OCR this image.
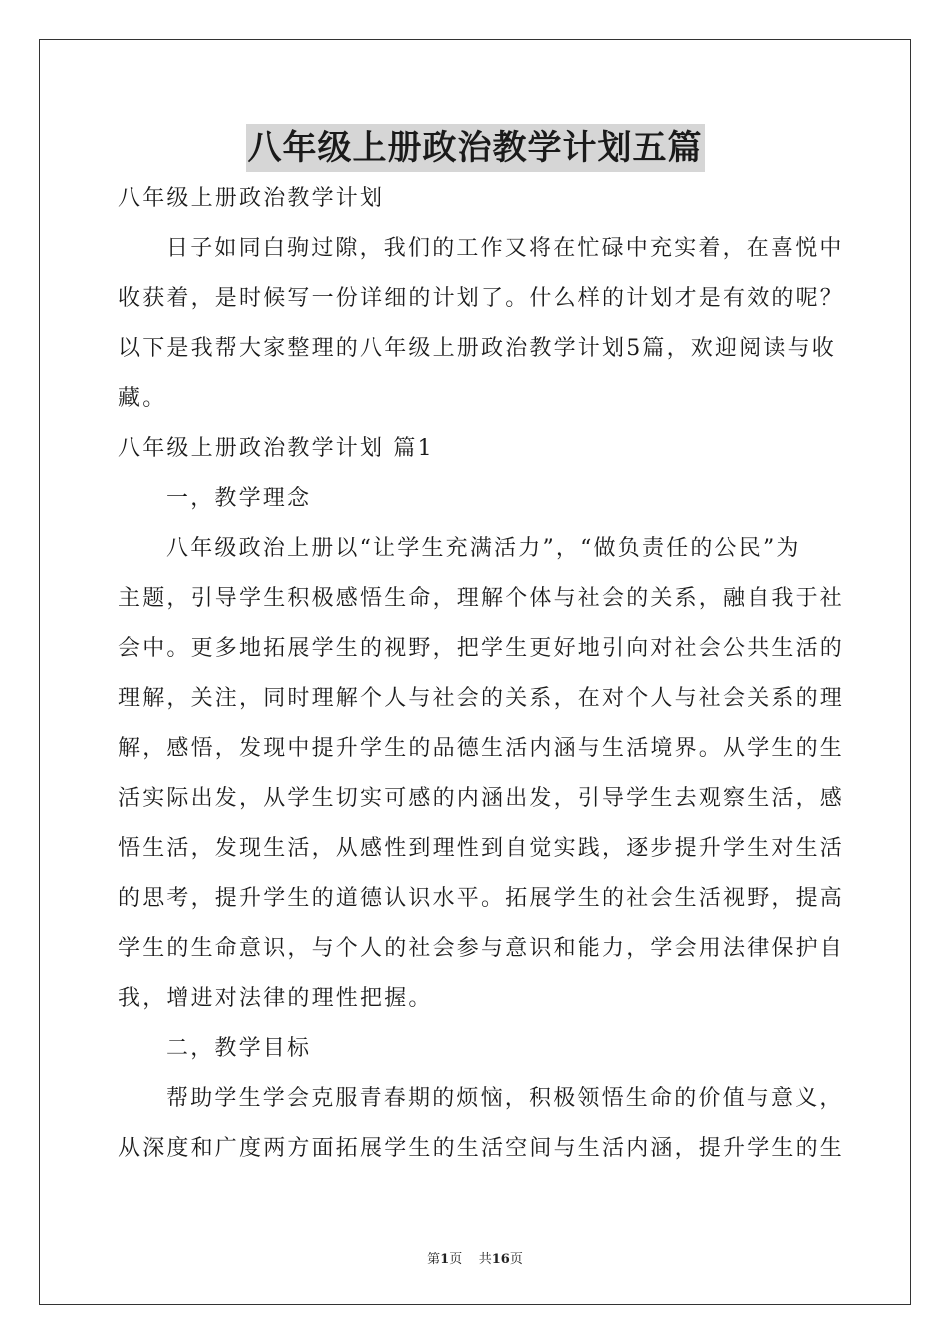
八年级上册政治教学计划五篇

八年级上册政治教学计划

日子如同白驹过隙，我们的工作又将在忙碌中充实着，在喜悦中

收获着，是时候写一份详细的计划了。什么样的计划才是有效的呢？

以下是我帮大家整理的八年级上册政治教学计划5篇，欢迎阅读与收

藏。

八年级上册政治教学计划 篇1

一，教学理念

八年级政治上册以“让学生充满活力”，“做负责任的公民”为

主题，引导学生积极感悟生命，理解个体与社会的关系，融自我于社

会中。更多地拓展学生的视野，把学生更好地引向对社会公共生活的

理解，关注，同时理解个人与社会的关系，在对个人与社会关系的理

解，感悟，发现中提升学生的品德生活内涵与生活境界。从学生的生

活实际出发，从学生切实可感的内涵出发，引导学生去观察生活，感

悟生活，发现生活，从感性到理性到自觉实践，逐步提升学生对生活

的思考，提升学生的道德认识水平。拓展学生的社会生活视野，提高

学生的生命意识，与个人的社会参与意识和能力，学会用法律保护自

我，增进对法律的理性把握。

二，教学目标

帮助学生学会克服青春期的烦恼，积极领悟生命的价值与意义，

从深度和广度两方面拓展学生的生活空间与生活内涵，提升学生的生

第1页    共16页
